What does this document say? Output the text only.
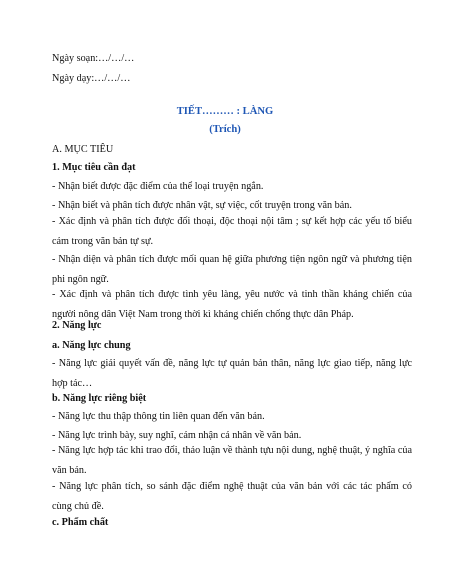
Ngày soạn:…/…/…
Ngày dạy:…/…/…
TIẾT……… : LÀNG
(Trích)
A. MỤC TIÊU
1. Mục tiêu cần đạt
- Nhận biết được đặc điểm của thể loại truyện ngắn.
- Nhận biết và phân tích được nhân vật, sự việc, cốt truyện trong văn bản.
- Xác định và phân tích được đối thoại, độc thoại nội tâm ; sự kết hợp các yếu tố biểu cảm trong văn bản tự sự.
- Nhận diện và phân tích được mối quan hệ giữa phương tiện ngôn ngữ và phương tiện phi ngôn ngữ.
- Xác định và phân tích được tình yêu làng, yêu nước và tinh thần kháng chiến của người nông dân Việt Nam trong thời kì kháng chiến chống thực dân Pháp.
2. Năng lực
a. Năng lực chung
- Năng lực giải quyết vấn đề, năng lực tự quản bản thân, năng lực giao tiếp, năng lực hợp tác…
b. Năng lực riêng biệt
- Năng lực thu thập thông tin liên quan đến văn bản.
- Năng lực trình bày, suy nghĩ, cảm nhận cá nhân về văn bản.
- Năng lực hợp tác khi trao đổi, thảo luận về thành tựu nội dung, nghệ thuật, ý nghĩa của văn bản.
- Năng lực phân tích, so sánh đặc điểm nghệ thuật của văn bản với các tác phẩm có cùng chủ đề.
c. Phẩm chất
